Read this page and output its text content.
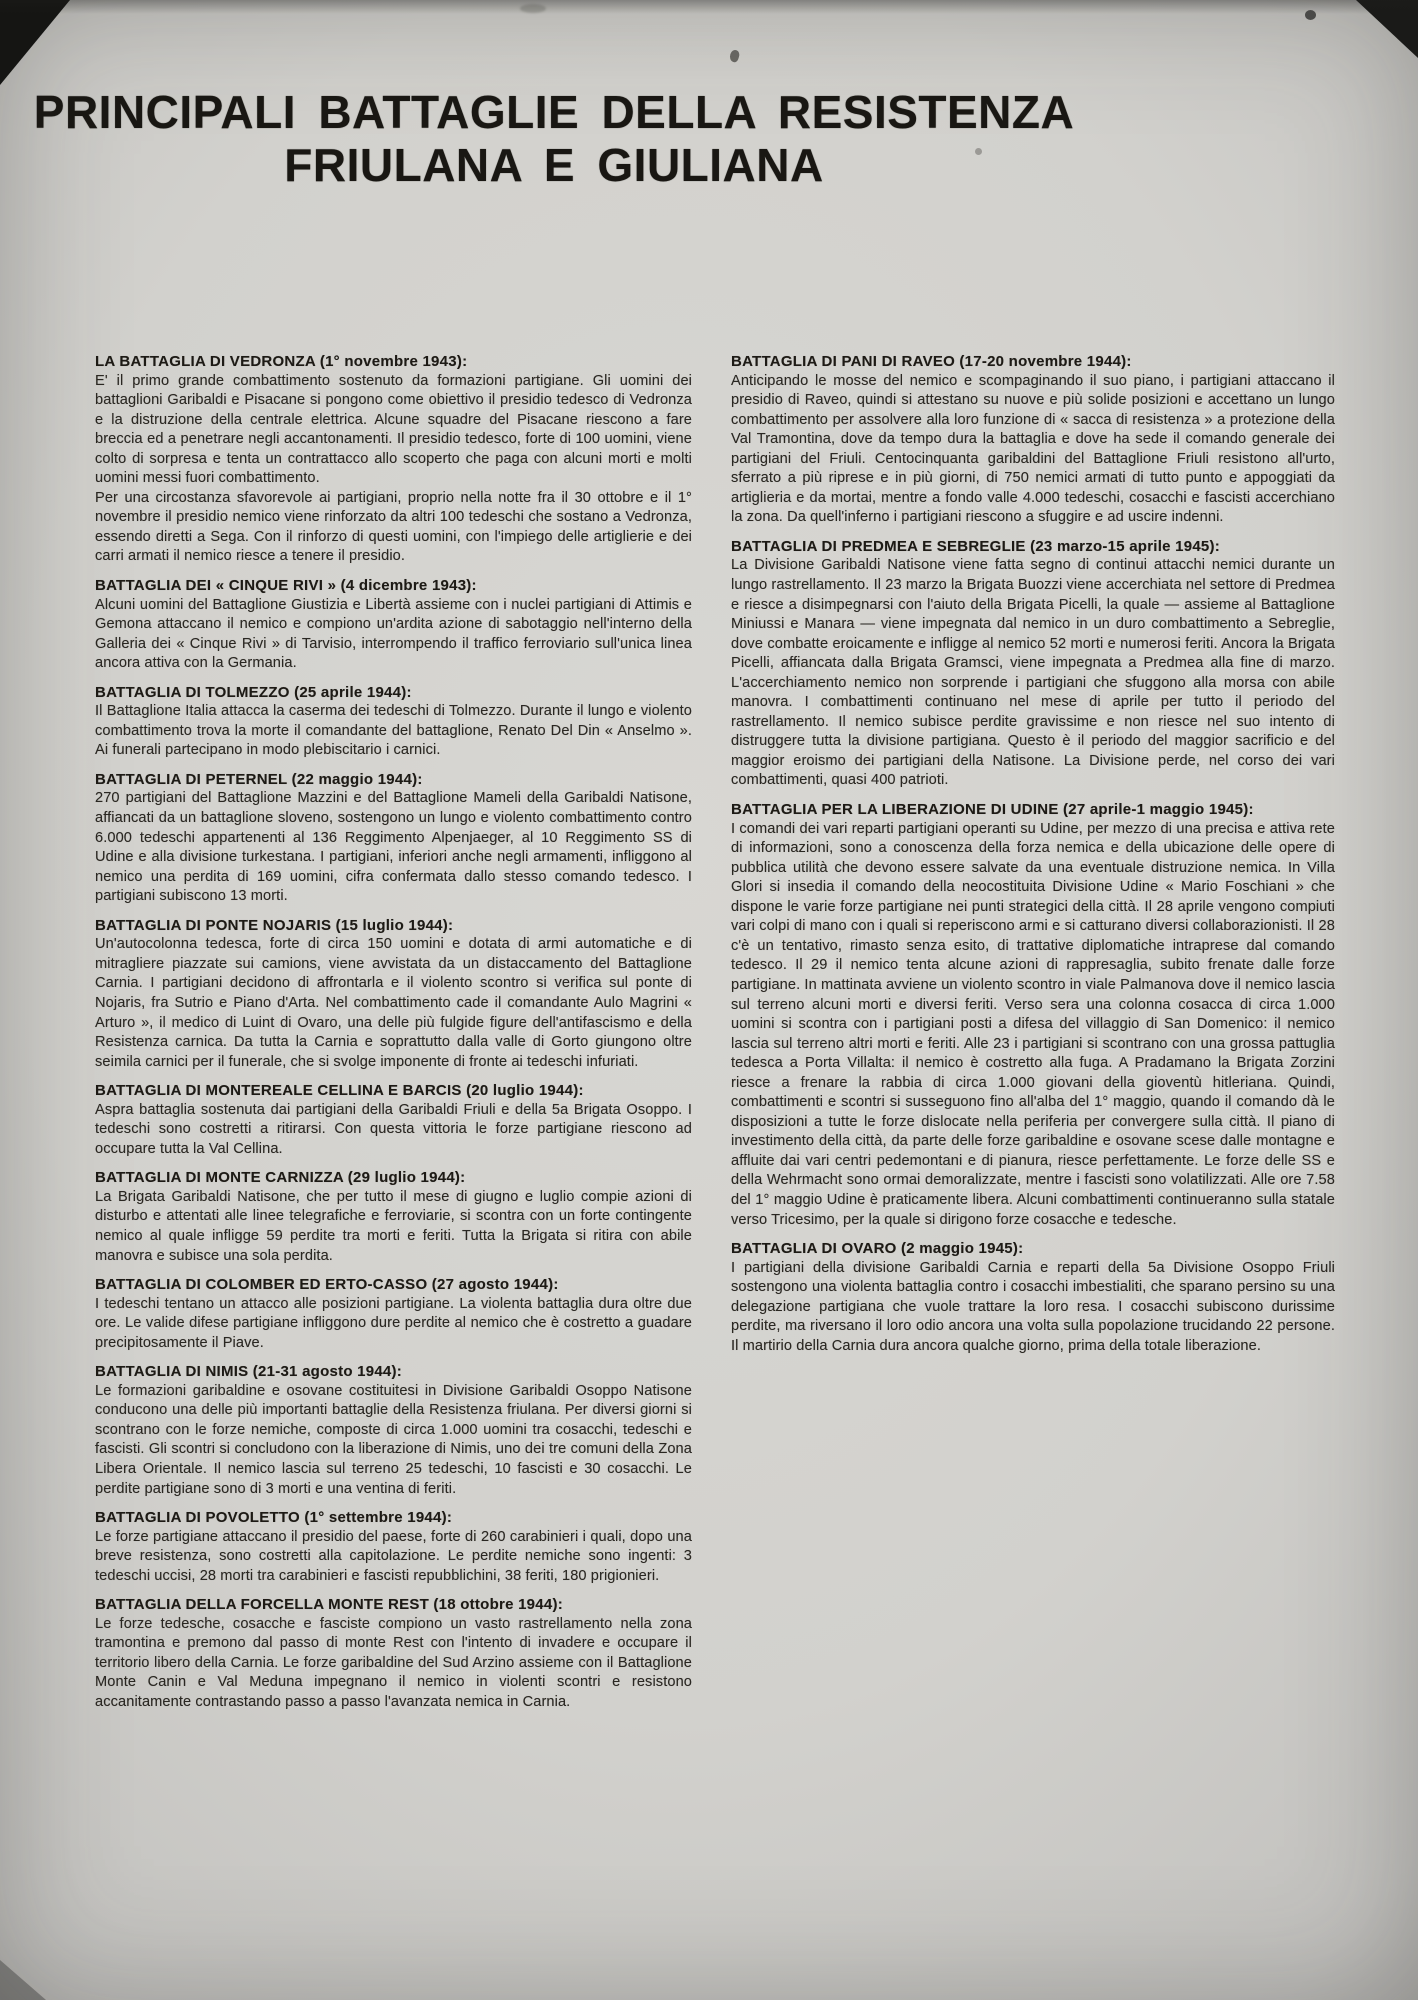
PRINCIPALI BATTAGLIE DELLA RESISTENZA
FRIULANA E GIULIANA
LA BATTAGLIA DI VEDRONZA (1° novembre 1943):

E' il primo grande combattimento sostenuto da formazioni partigiane. Gli uomini dei battaglioni Garibaldi e Pisacane si pongono come obiettivo il presidio tedesco di Vedronza e la distruzione della centrale elettrica. Alcune squadre del Pisacane riescono a fare breccia ed a penetrare negli accantonamenti. Il presidio tedesco, forte di 100 uomini, viene colto di sorpresa e tenta un contrattacco allo scoperto che paga con alcuni morti e molti uomini messi fuori combattimento.

Per una circostanza sfavorevole ai partigiani, proprio nella notte fra il 30 ottobre e il 1° novembre il presidio nemico viene rinforzato da altri 100 tedeschi che sostano a Vedronza, essendo diretti a Sega. Con il rinforzo di questi uomini, con l'impiego delle artiglierie e dei carri armati il nemico riesce a tenere il presidio.

BATTAGLIA DEI « CINQUE RIVI » (4 dicembre 1943):

Alcuni uomini del Battaglione Giustizia e Libertà assieme con i nuclei partigiani di Attimis e Gemona attaccano il nemico e compiono un'ardita azione di sabotaggio nell'interno della Galleria dei « Cinque Rivi » di Tarvisio, interrompendo il traffico ferroviario sull'unica linea ancora attiva con la Germania.

BATTAGLIA DI TOLMEZZO (25 aprile 1944):

Il Battaglione Italia attacca la caserma dei tedeschi di Tolmezzo. Durante il lungo e violento combattimento trova la morte il comandante del battaglione, Renato Del Din « Anselmo ». Ai funerali partecipano in modo plebiscitario i carnici.

BATTAGLIA DI PETERNEL (22 maggio 1944):

270 partigiani del Battaglione Mazzini e del Battaglione Mameli della Garibaldi Natisone, affiancati da un battaglione sloveno, sostengono un lungo e violento combattimento contro 6.000 tedeschi appartenenti al 136 Reggimento Alpenjaeger, al 10 Reggimento SS di Udine e alla divisione turkestana. I partigiani, inferiori anche negli armamenti, infliggono al nemico una perdita di 169 uomini, cifra confermata dallo stesso comando tedesco. I partigiani subiscono 13 morti.

BATTAGLIA DI PONTE NOJARIS (15 luglio 1944):

Un'autocolonna tedesca, forte di circa 150 uomini e dotata di armi automatiche e di mitragliere piazzate sui camions, viene avvistata da un distaccamento del Battaglione Carnia. I partigiani decidono di affrontarla e il violento scontro si verifica sul ponte di Nojaris, fra Sutrio e Piano d'Arta. Nel combattimento cade il comandante Aulo Magrini « Arturo », il medico di Luint di Ovaro, una delle più fulgide figure dell'antifascismo e della Resistenza carnica. Da tutta la Carnia e soprattutto dalla valle di Gorto giungono oltre seimila carnici per il funerale, che si svolge imponente di fronte ai tedeschi infuriati.

BATTAGLIA DI MONTEREALE CELLINA E BARCIS (20 luglio 1944):

Aspra battaglia sostenuta dai partigiani della Garibaldi Friuli e della 5a Brigata Osoppo. I tedeschi sono costretti a ritirarsi. Con questa vittoria le forze partigiane riescono ad occupare tutta la Val Cellina.

BATTAGLIA DI MONTE CARNIZZA (29 luglio 1944):

La Brigata Garibaldi Natisone, che per tutto il mese di giugno e luglio compie azioni di disturbo e attentati alle linee telegrafiche e ferroviarie, si scontra con un forte contingente nemico al quale infligge 59 perdite tra morti e feriti. Tutta la Brigata si ritira con abile manovra e subisce una sola perdita.

BATTAGLIA DI COLOMBER ED ERTO-CASSO (27 agosto 1944):

I tedeschi tentano un attacco alle posizioni partigiane. La violenta battaglia dura oltre due ore. Le valide difese partigiane infliggono dure perdite al nemico che è costretto a guadare precipitosamente il Piave.

BATTAGLIA DI NIMIS (21-31 agosto 1944):

Le formazioni garibaldine e osovane costituitesi in Divisione Garibaldi Osoppo Natisone conducono una delle più importanti battaglie della Resistenza friulana. Per diversi giorni si scontrano con le forze nemiche, composte di circa 1.000 uomini tra cosacchi, tedeschi e fascisti. Gli scontri si concludono con la liberazione di Nimis, uno dei tre comuni della Zona Libera Orientale. Il nemico lascia sul terreno 25 tedeschi, 10 fascisti e 30 cosacchi. Le perdite partigiane sono di 3 morti e una ventina di feriti.

BATTAGLIA DI POVOLETTO (1° settembre 1944):

Le forze partigiane attaccano il presidio del paese, forte di 260 carabinieri i quali, dopo una breve resistenza, sono costretti alla capitolazione. Le perdite nemiche sono ingenti: 3 tedeschi uccisi, 28 morti tra carabinieri e fascisti repubblichini, 38 feriti, 180 prigionieri.

BATTAGLIA DELLA FORCELLA MONTE REST (18 ottobre 1944):

Le forze tedesche, cosacche e fasciste compiono un vasto rastrellamento nella zona tramontina e premono dal passo di monte Rest con l'intento di invadere e occupare il territorio libero della Carnia. Le forze garibaldine del Sud Arzino assieme con il Battaglione Monte Canin e Val Meduna impegnano il nemico in violenti scontri e resistono accanitamente contrastando passo a passo l'avanzata nemica in Carnia.

BATTAGLIA DI PANI DI RAVEO (17-20 novembre 1944):

Anticipando le mosse del nemico e scompaginando il suo piano, i partigiani attaccano il presidio di Raveo, quindi si attestano su nuove e più solide posizioni e accettano un lungo combattimento per assolvere alla loro funzione di « sacca di resistenza » a protezione della Val Tramontina, dove da tempo dura la battaglia e dove ha sede il comando generale dei partigiani del Friuli. Centocinquanta garibaldini del Battaglione Friuli resistono all'urto, sferrato a più riprese e in più giorni, di 750 nemici armati di tutto punto e appoggiati da artiglieria e da mortai, mentre a fondo valle 4.000 tedeschi, cosacchi e fascisti accerchiano la zona. Da quell'inferno i partigiani riescono a sfuggire e ad uscire indenni.

BATTAGLIA DI PREDMEA E SEBREGLIE (23 marzo-15 aprile 1945):

La Divisione Garibaldi Natisone viene fatta segno di continui attacchi nemici durante un lungo rastrellamento. Il 23 marzo la Brigata Buozzi viene accerchiata nel settore di Predmea e riesce a disimpegnarsi con l'aiuto della Brigata Picelli, la quale — assieme al Battaglione Miniussi e Manara — viene impegnata dal nemico in un duro combattimento a Sebreglie, dove combatte eroicamente e infligge al nemico 52 morti e numerosi feriti. Ancora la Brigata Picelli, affiancata dalla Brigata Gramsci, viene impegnata a Predmea alla fine di marzo. L'accerchiamento nemico non sorprende i partigiani che sfuggono alla morsa con abile manovra. I combattimenti continuano nel mese di aprile per tutto il periodo del rastrellamento. Il nemico subisce perdite gravissime e non riesce nel suo intento di distruggere tutta la divisione partigiana. Questo è il periodo del maggior sacrificio e del maggior eroismo dei partigiani della Natisone. La Divisione perde, nel corso dei vari combattimenti, quasi 400 patrioti.

BATTAGLIA PER LA LIBERAZIONE DI UDINE (27 aprile-1 maggio 1945):

I comandi dei vari reparti partigiani operanti su Udine, per mezzo di una precisa e attiva rete di informazioni, sono a conoscenza della forza nemica e della ubicazione delle opere di pubblica utilità che devono essere salvate da una eventuale distruzione nemica. In Villa Glori si insedia il comando della neocostituita Divisione Udine « Mario Foschiani » che dispone le varie forze partigiane nei punti strategici della città. Il 28 aprile vengono compiuti vari colpi di mano con i quali si reperiscono armi e si catturano diversi collaborazionisti. Il 28 c'è un tentativo, rimasto senza esito, di trattative diplomatiche intraprese dal comando tedesco. Il 29 il nemico tenta alcune azioni di rappresaglia, subito frenate dalle forze partigiane. In mattinata avviene un violento scontro in viale Palmanova dove il nemico lascia sul terreno alcuni morti e diversi feriti. Verso sera una colonna cosacca di circa 1.000 uomini si scontra con i partigiani posti a difesa del villaggio di San Domenico: il nemico lascia sul terreno altri morti e feriti. Alle 23 i partigiani si scontrano con una grossa pattuglia tedesca a Porta Villalta: il nemico è costretto alla fuga. A Pradamano la Brigata Zorzini riesce a frenare la rabbia di circa 1.000 giovani della gioventù hitleriana. Quindi, combattimenti e scontri si susseguono fino all'alba del 1° maggio, quando il comando dà le disposizioni a tutte le forze dislocate nella periferia per convergere sulla città. Il piano di investimento della città, da parte delle forze garibaldine e osovane scese dalle montagne e affluite dai vari centri pedemontani e di pianura, riesce perfettamente. Le forze delle SS e della Wehrmacht sono ormai demoralizzate, mentre i fascisti sono volatilizzati. Alle ore 7.58 del 1° maggio Udine è praticamente libera. Alcuni combattimenti continueranno sulla statale verso Tricesimo, per la quale si dirigono forze cosacche e tedesche.

BATTAGLIA DI OVARO (2 maggio 1945):

I partigiani della divisione Garibaldi Carnia e reparti della 5a Divisione Osoppo Friuli sostengono una violenta battaglia contro i cosacchi imbestialiti, che sparano persino su una delegazione partigiana che vuole trattare la loro resa. I cosacchi subiscono durissime perdite, ma riversano il loro odio ancora una volta sulla popolazione trucidando 22 persone. Il martirio della Carnia dura ancora qualche giorno, prima della totale liberazione.
